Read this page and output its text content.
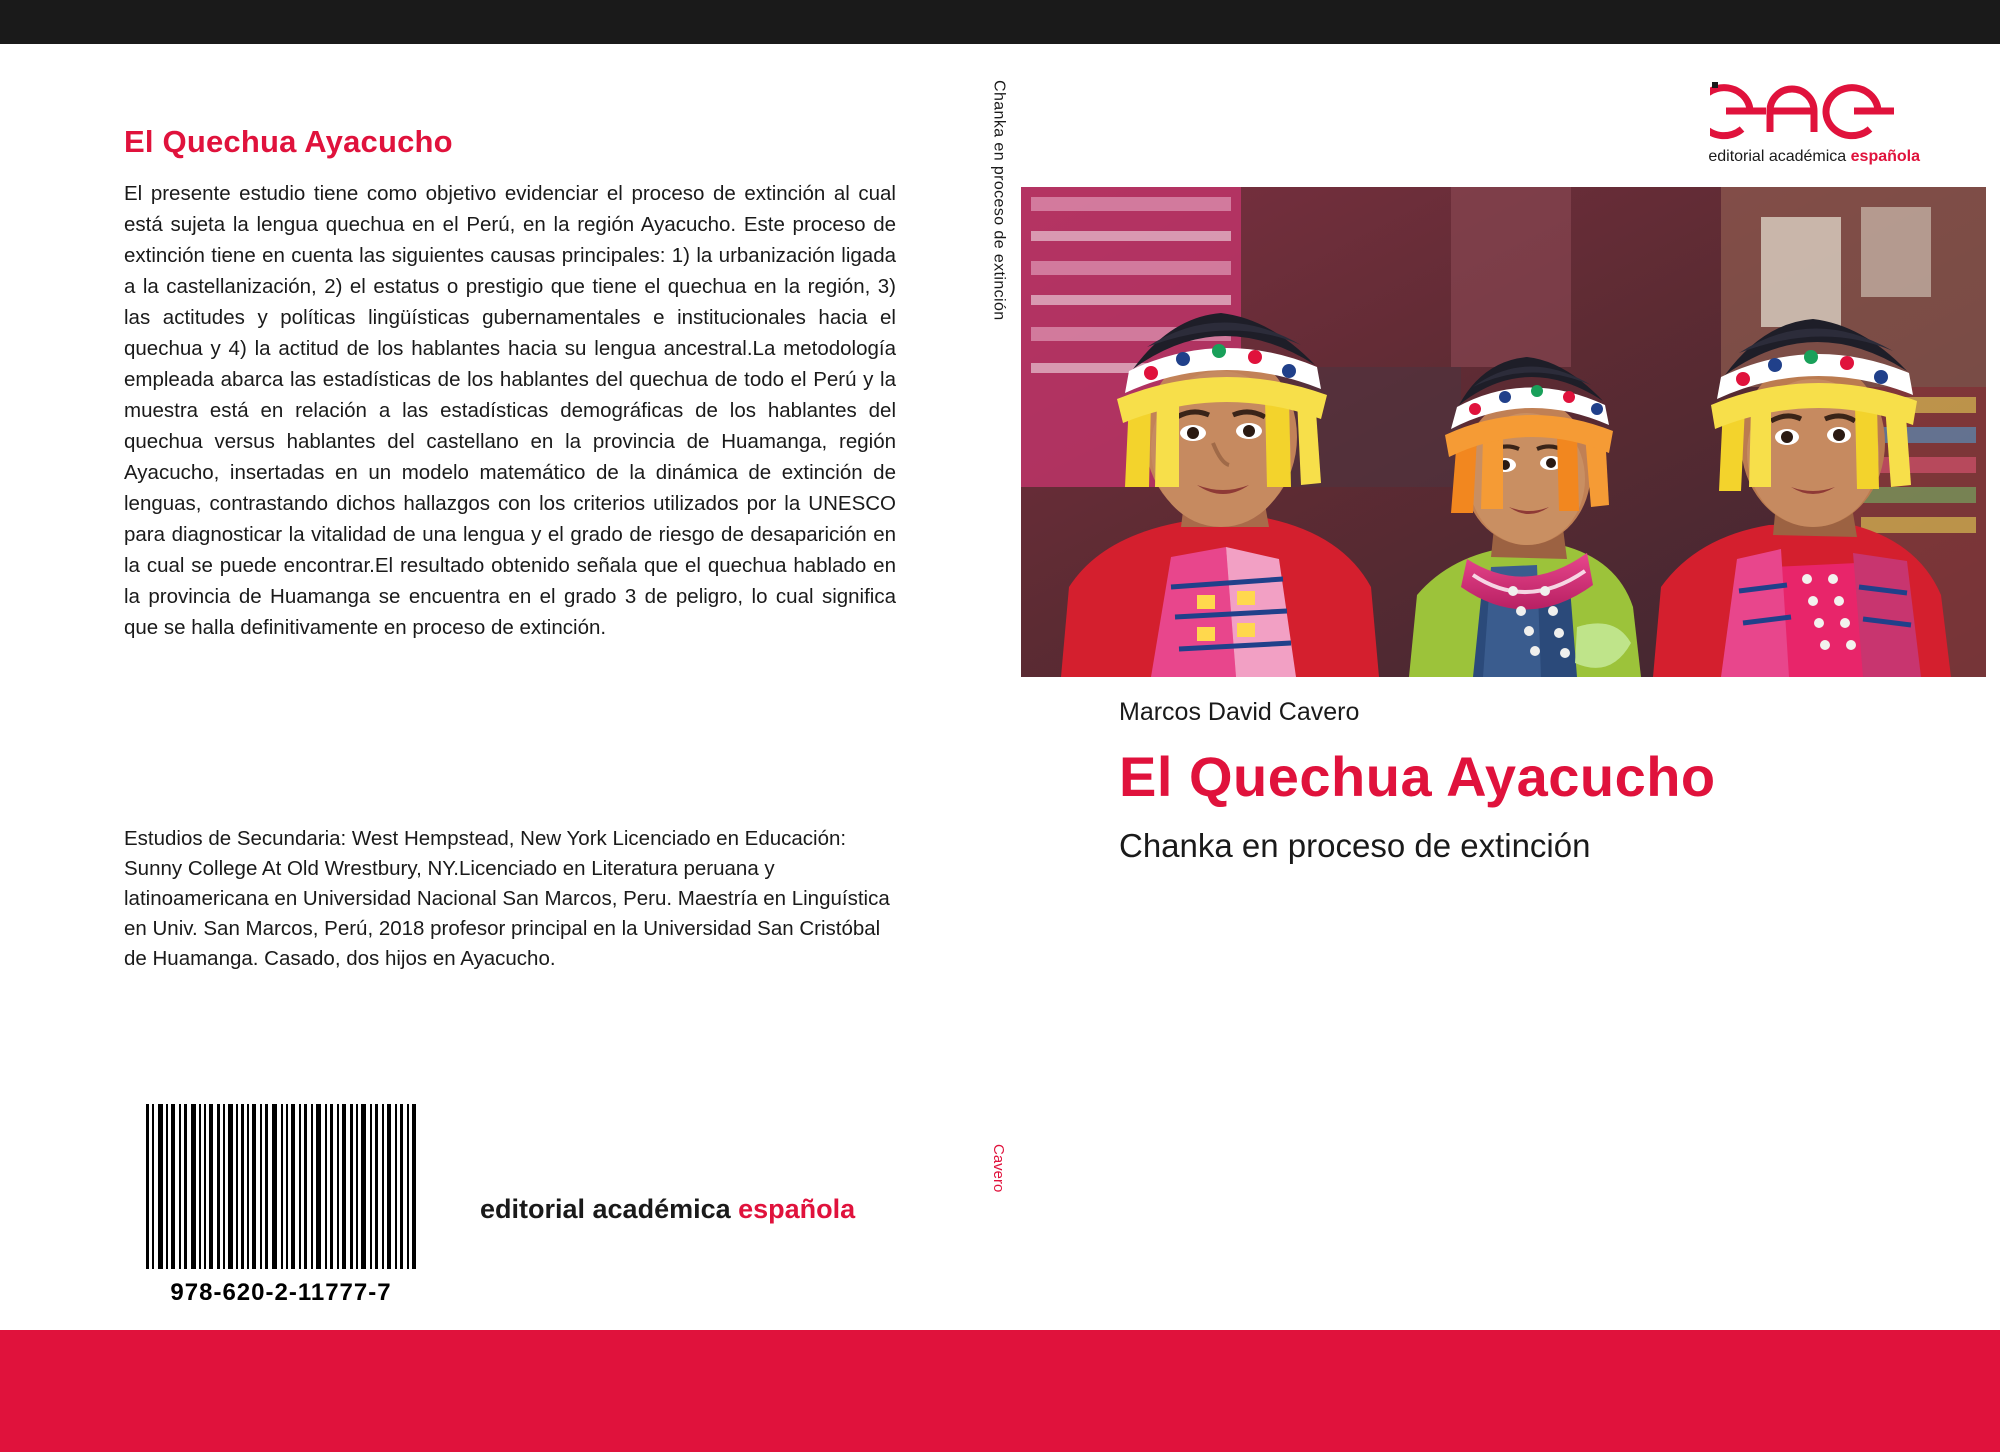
El Quechua Ayacucho
El presente estudio tiene como objetivo evidenciar el proceso de extinción al cual está sujeta la lengua quechua en el Perú, en la región Ayacucho. Este proceso de extinción tiene en cuenta las siguientes causas principales: 1) la urbanización ligada a la castellanización, 2) el estatus o prestigio que tiene el quechua en la región, 3) las actitudes y políticas lingüísticas gubernamentales e institucionales hacia el quechua y 4) la actitud de los hablantes hacia su lengua ancestral.La metodología empleada abarca las estadísticas de los hablantes del quechua de todo el Perú y la muestra está en relación a las estadísticas demográficas de los hablantes del quechua versus hablantes del castellano en la provincia de Huamanga, región Ayacucho, insertadas en un modelo matemático de la dinámica de extinción de lenguas, contrastando dichos hallazgos con los criterios utilizados por la UNESCO para diagnosticar la vitalidad de una lengua y el grado de riesgo de desaparición en la cual se puede encontrar.El resultado obtenido señala que el quechua hablado en la provincia de Huamanga se encuentra en el grado 3 de peligro, lo cual significa que se halla definitivamente en proceso de extinción.
Estudios de Secundaria: West Hempstead, New York Licenciado en Educación: Sunny College At Old Wrestbury, NY.Licenciado en Literatura peruana y latinoamericana en Universidad Nacional San Marcos, Peru. Maestría en Linguística en Univ. San Marcos, Perú, 2018 profesor principal en la Universidad San Cristóbal de Huamanga. Casado, dos hijos en Ayacucho.
978-620-2-11777-7
editorial académica española
Chanka en proceso de extinción
Cavero
editorial académica española
Marcos David Cavero
El Quechua Ayacucho
Chanka en proceso de extinción
